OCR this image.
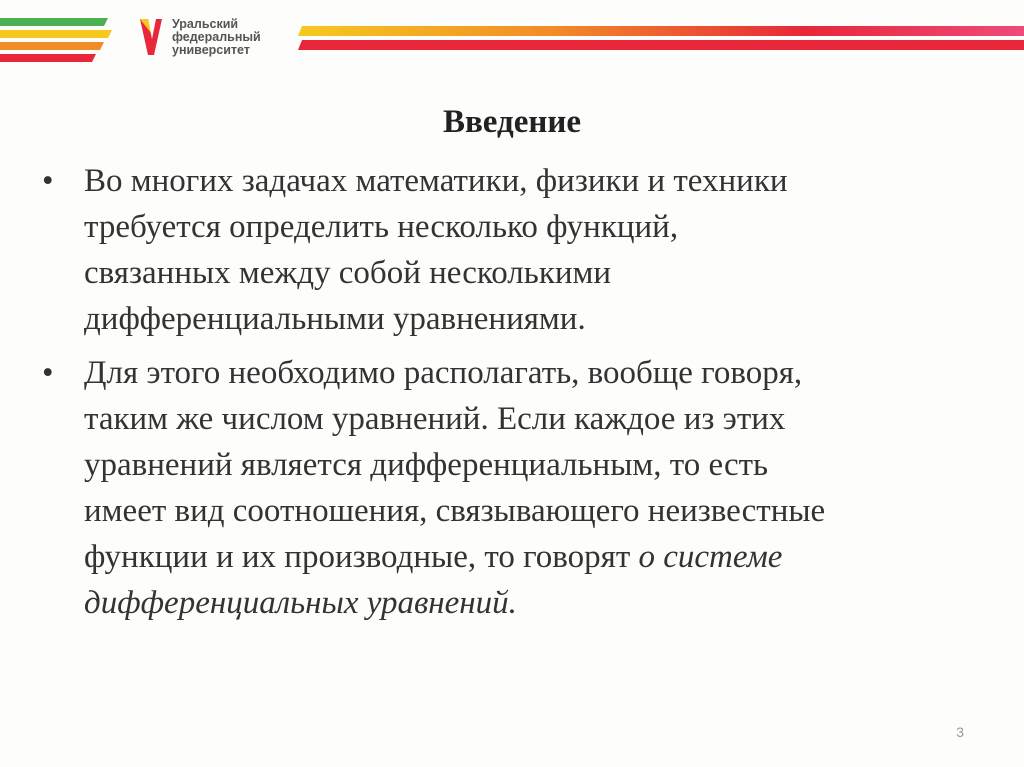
Уральский
федеральный
университет
Введение
• Во многих задачах математики, физики и техники
требуется определить несколько функций,
связанных между собой несколькими
дифференциальными уравнениями.
• Для этого необходимо располагать, вообще говоря,
таким же числом уравнений. Если каждое из этих
уравнений является дифференциальным, то есть
имеет вид соотношения, связывающего неизвестные
функции и их производные, то говорят о системе
дифференциальных уравнений.
3
